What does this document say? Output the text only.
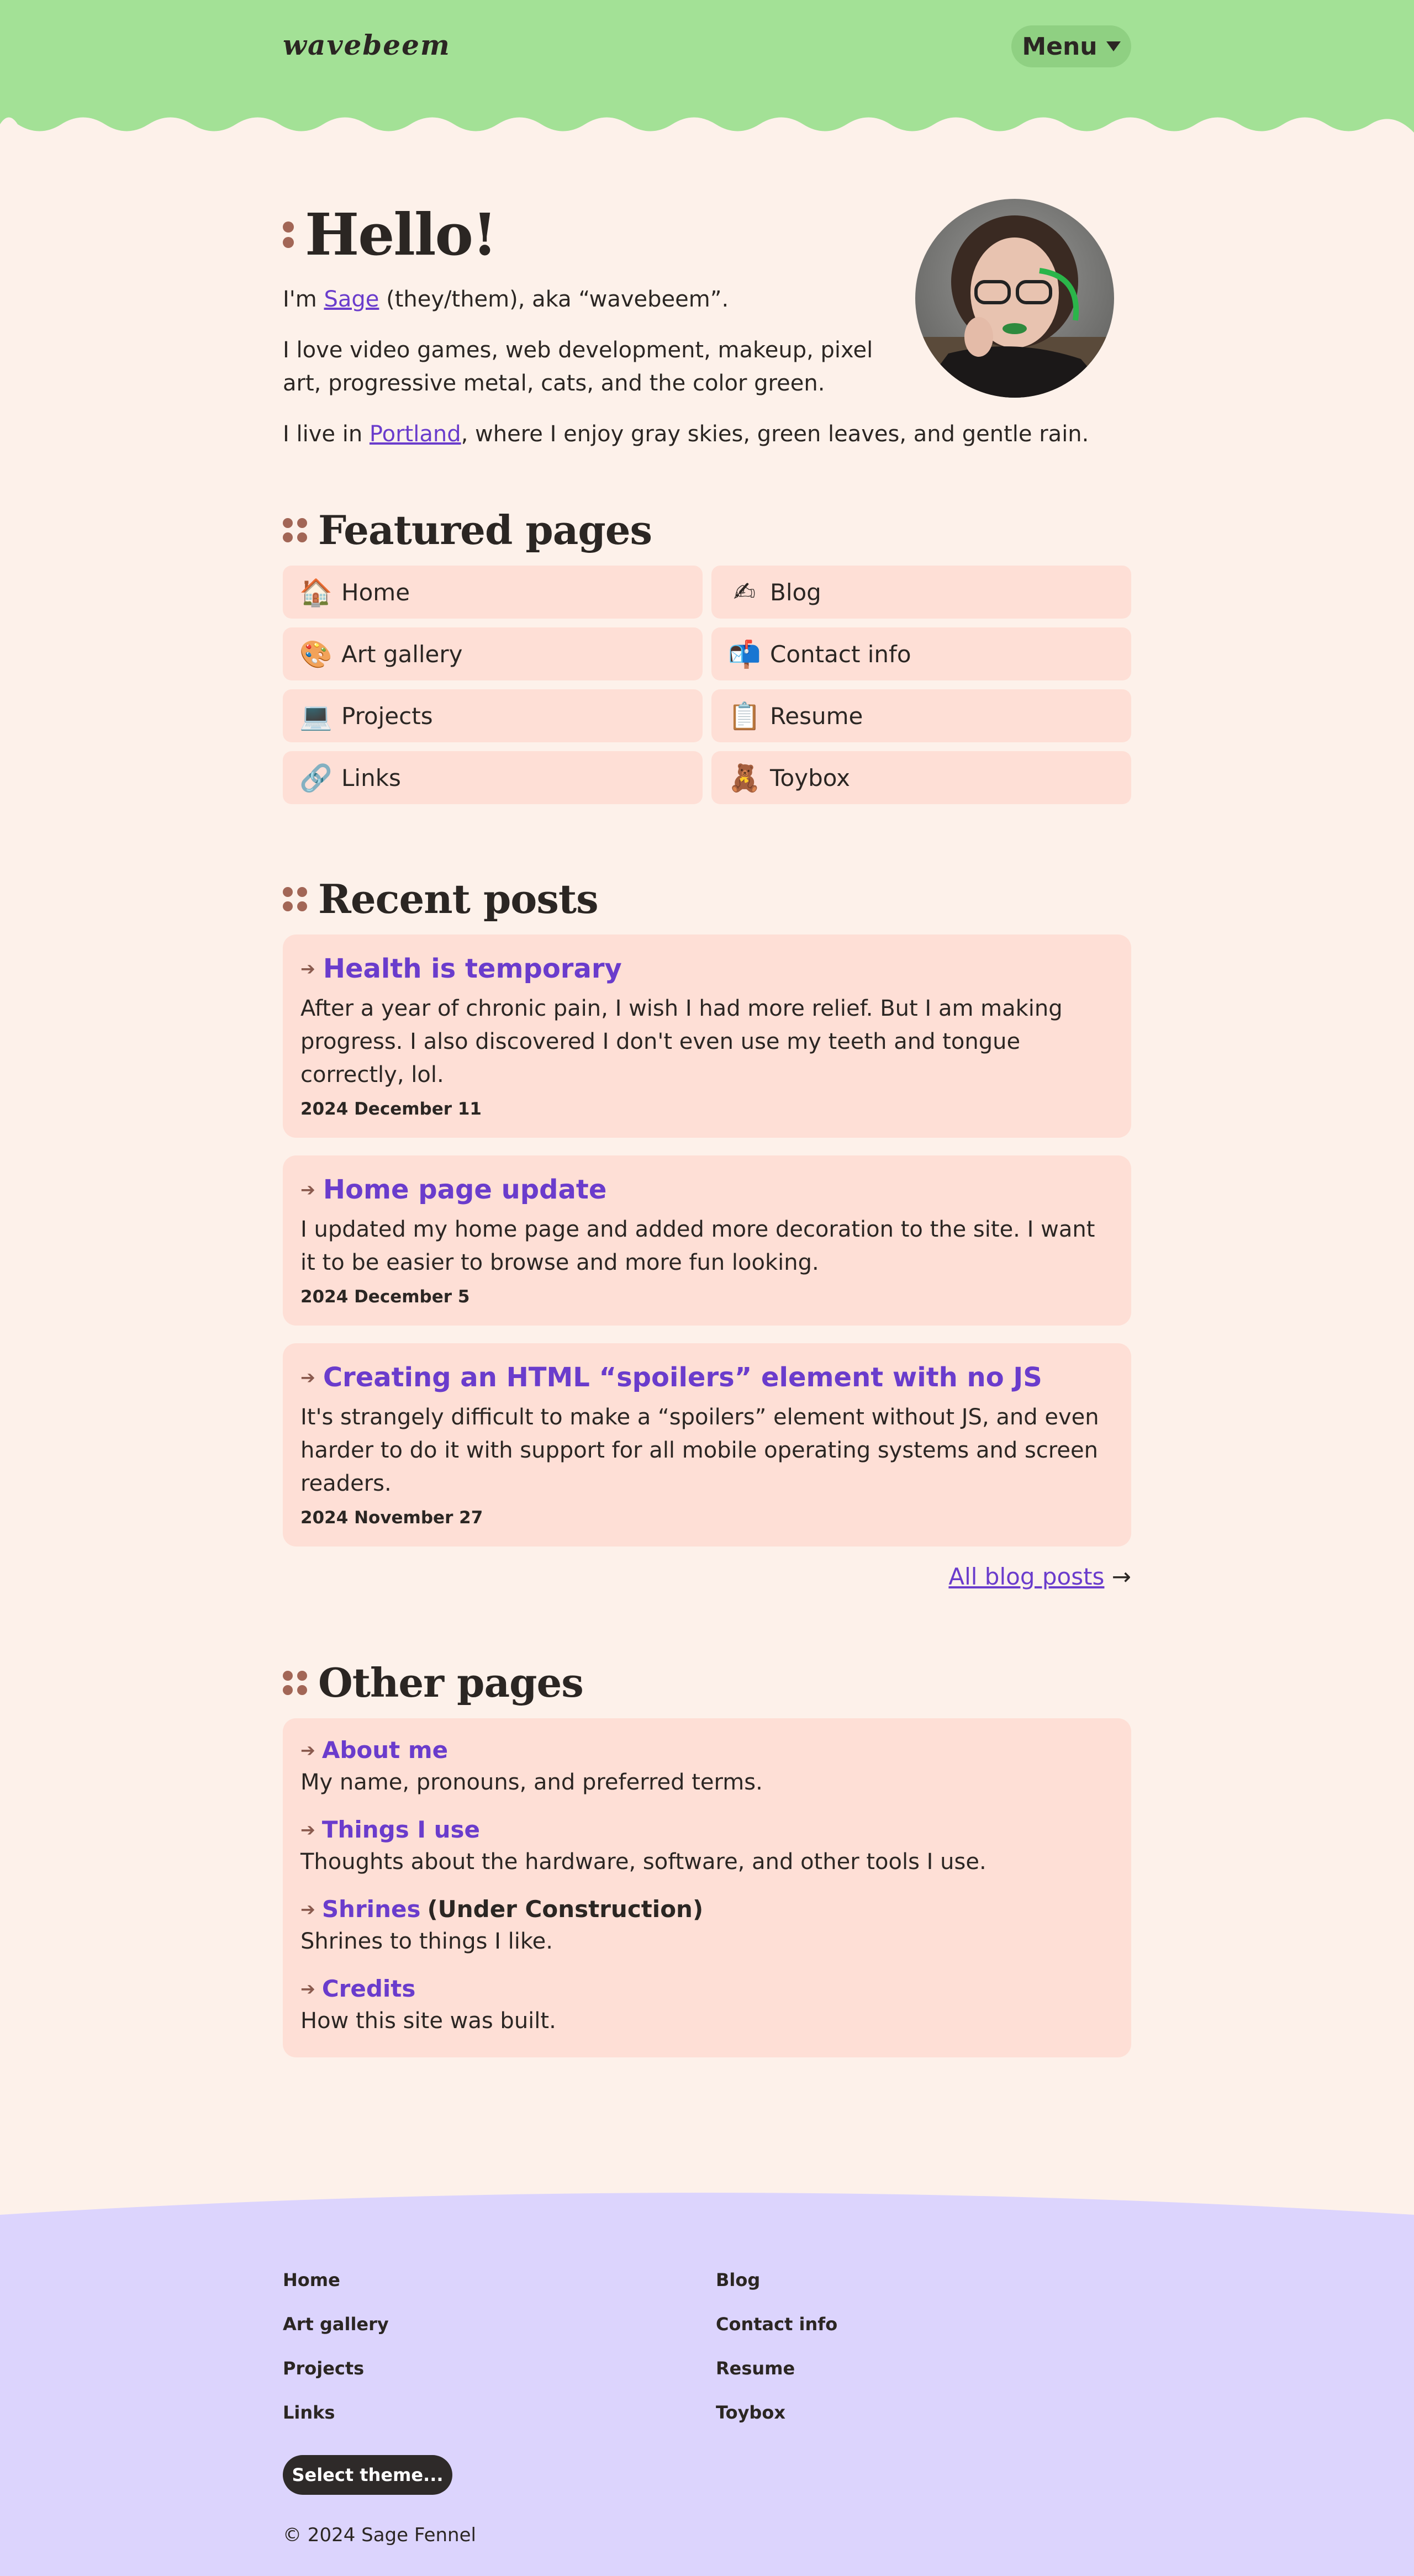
wavebeem	Menu
Hello!

I'm Sage (they/them), aka “wavebeem”.

I love video games, web development, makeup, pixel art, progressive metal, cats, and the color green.

I live in Portland, where I enjoy gray skies, green leaves, and gentle rain.

Featured pages
🏠 Home	✍ Blog
🎨 Art gallery	📬 Contact info
💻 Projects	📋 Resume
🔗 Links	🧸 Toybox
Recent posts
➔ Health is temporary
After a year of chronic pain, I wish I had more relief. But I am making progress. I also discovered I don't even use my teeth and tongue correctly, lol.
2024 December 11
➔ Home page update
I updated my home page and added more decoration to the site. I want it to be easier to browse and more fun looking.
2024 December 5
➔ Creating an HTML “spoilers” element with no JS
It's strangely difficult to make a “spoilers” element without JS, and even harder to do it with support for all mobile operating systems and screen readers.
2024 November 27
All blog posts →
Other pages
➔ About me
My name, pronouns, and preferred terms.
➔ Things I use
Thoughts about the hardware, software, and other tools I use.
➔ Shrines (Under Construction)
Shrines to things I like.
➔ Credits
How this site was built.
Home	Blog
Art gallery	Contact info
Projects	Resume
Links	Toybox
Select theme...
© 2024 Sage Fennel
